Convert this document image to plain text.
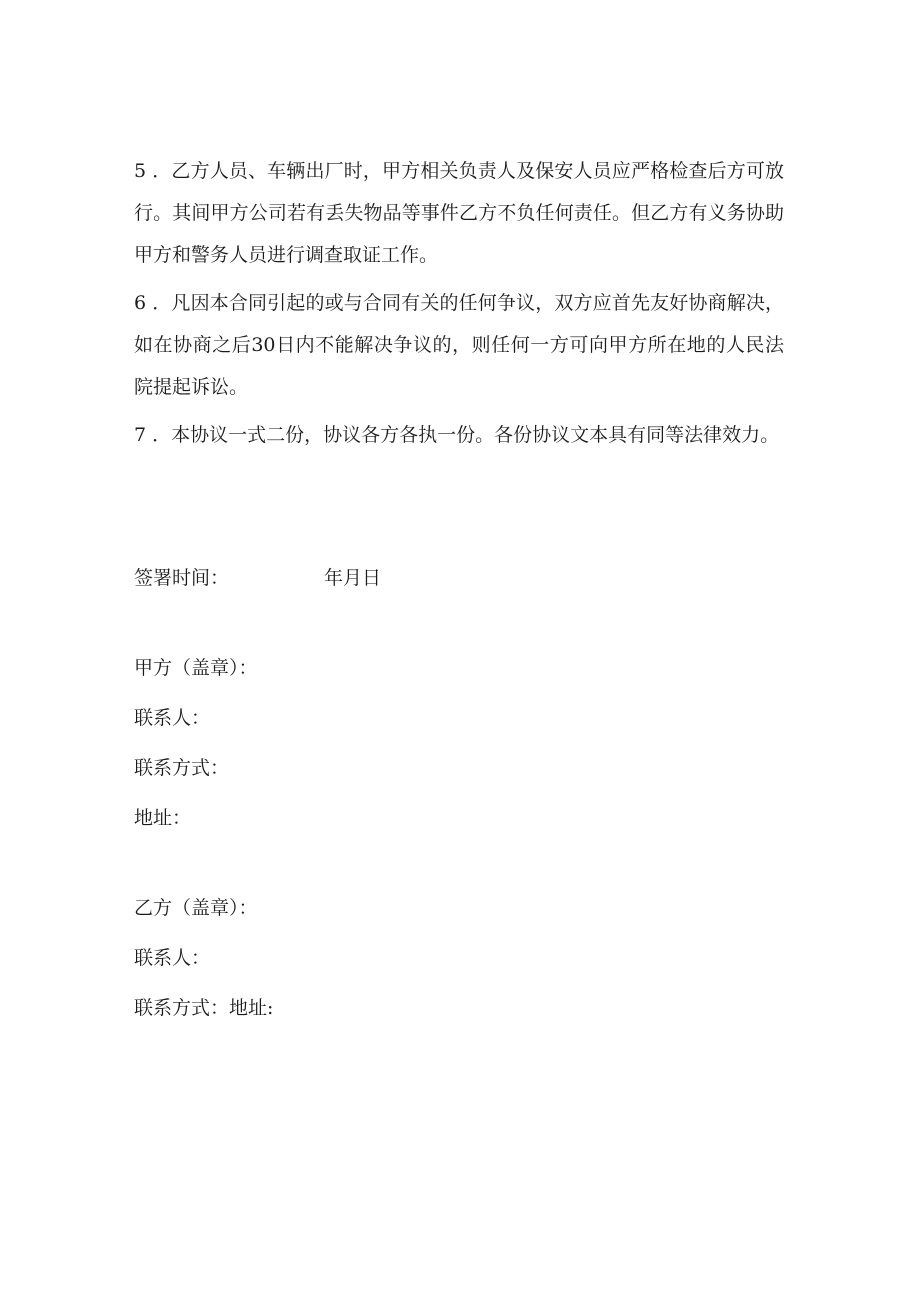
5 ．乙方人员、车辆出厂时，甲方相关负责人及保安人员应严格检查后方可放行。其间甲方公司若有丢失物品等事件乙方不负任何责任。但乙方有义务协助甲方和警务人员进行调查取证工作。

6 ．凡因本合同引起的或与合同有关的任何争议，双方应首先友好协商解决，如在协商之后30日内不能解决争议的，则任何一方可向甲方所在地的人民法院提起诉讼。

7 ．本协议一式二份，协议各方各执一份。各份协议文本具有同等法律效力。

签署时间：	年月日

甲方（盖章）：

联系人：

联系方式：

地址：

乙方（盖章）：

联系人：

联系方式：地址:
